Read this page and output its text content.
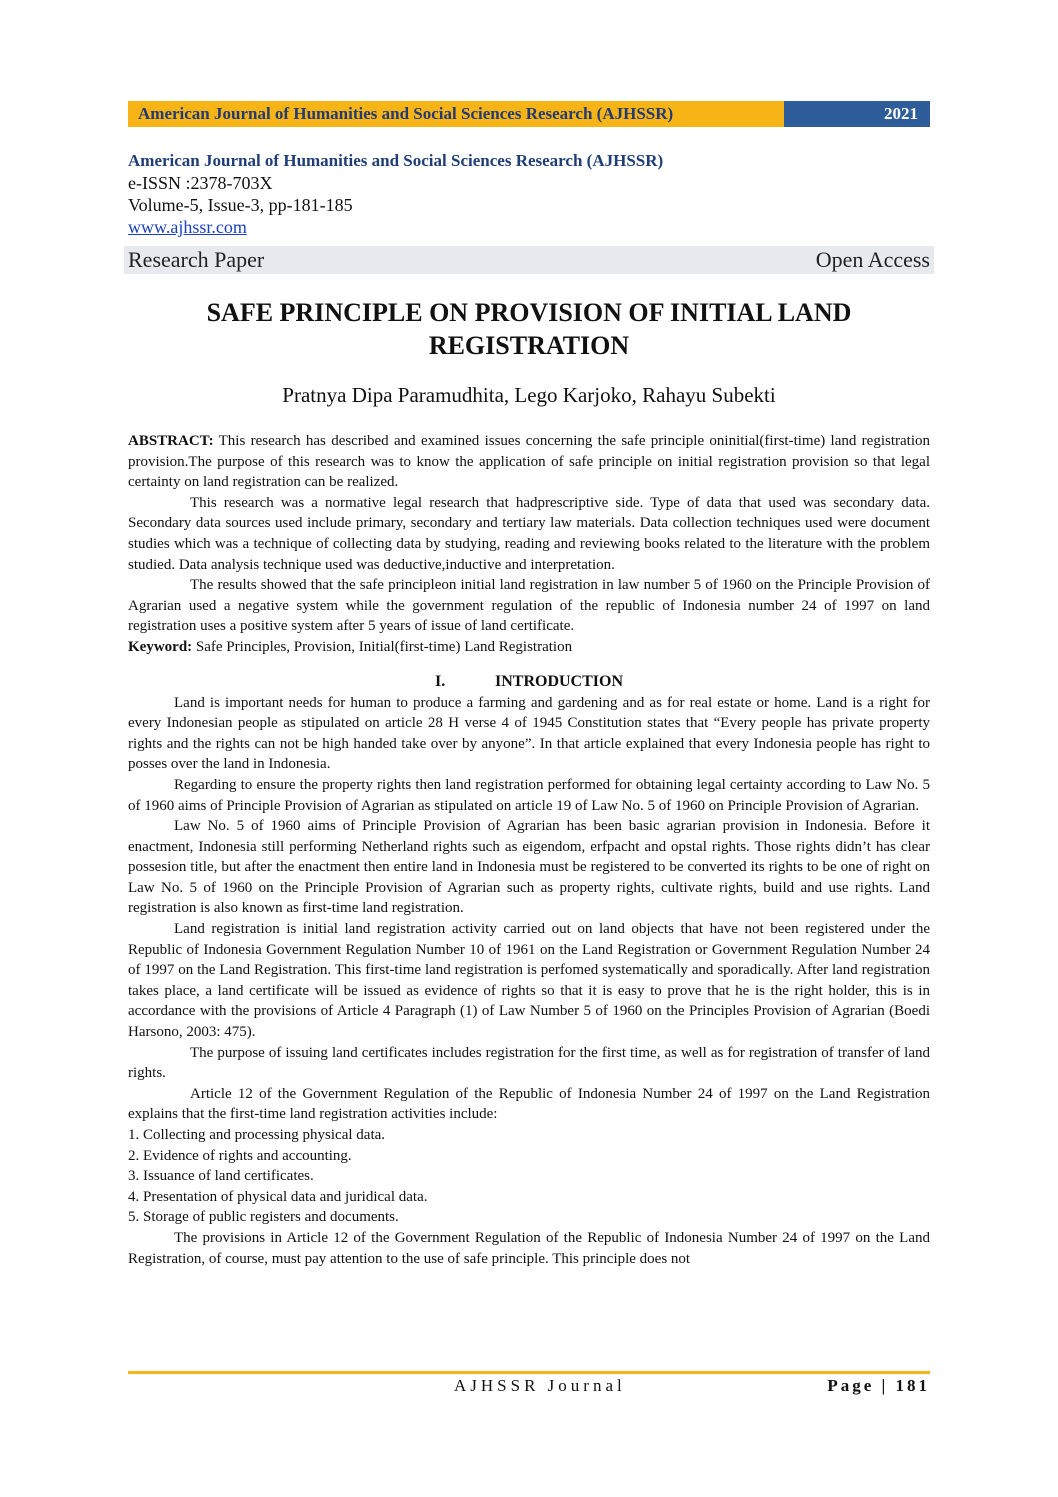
American Journal of Humanities and Social Sciences Research (AJHSSR)	2021
American Journal of Humanities and Social Sciences Research (AJHSSR)
e-ISSN :2378-703X
Volume-5, Issue-3, pp-181-185
www.ajhssr.com
Research Paper	Open Access
SAFE PRINCIPLE ON PROVISION OF INITIAL LAND REGISTRATION
Pratnya Dipa Paramudhita, Lego Karjoko, Rahayu Subekti

ABSTRACT: This research has described and examined issues concerning the safe principle oninitial(first-time) land registration provision.The purpose of this research was to know the application of safe principle on initial registration provision so that legal certainty on land registration can be realized.

This research was a normative legal research that hadprescriptive side. Type of data that used was secondary data. Secondary data sources used include primary, secondary and tertiary law materials. Data collection techniques used were document studies which was a technique of collecting data by studying, reading and reviewing books related to the literature with the problem studied. Data analysis technique used was deductive,inductive and interpretation.

The results showed that the safe principleon initial land registration in law number 5 of 1960 on the Principle Provision of Agrarian used a negative system while the government regulation of the republic of Indonesia number 24 of 1997 on land registration uses a positive system after 5 years of issue of land certificate.

Keyword: Safe Principles, Provision, Initial(first-time) Land Registration

I.	INTRODUCTION

Land is important needs for human to produce a farming and gardening and as for real estate or home. Land is a right for every Indonesian people as stipulated on article 28 H verse 4 of 1945 Constitution states that “Every people has private property rights and the rights can not be high handed take over by anyone”. In that article explained that every Indonesia people has right to posses over the land in Indonesia.

Regarding to ensure the property rights then land registration performed for obtaining legal certainty according to Law No. 5 of 1960 aims of Principle Provision of Agrarian as stipulated on article 19 of Law No. 5 of 1960 on Principle Provision of Agrarian.

Law No. 5 of 1960 aims of Principle Provision of Agrarian has been basic agrarian provision in Indonesia. Before it enactment, Indonesia still performing Netherland rights such as eigendom, erfpacht and opstal rights. Those rights didn’t has clear possesion title, but after the enactment then entire land in Indonesia must be registered to be converted its rights to be one of right on Law No. 5 of 1960 on the Principle Provision of Agrarian such as property rights, cultivate rights, build and use rights. Land registration is also known as first-time land registration.

Land registration is initial land registration activity carried out on land objects that have not been registered under the Republic of Indonesia Government Regulation Number 10 of 1961 on the Land Registration or Government Regulation Number 24 of 1997 on the Land Registration. This first-time land registration is perfomed systematically and sporadically. After land registration takes place, a land certificate will be issued as evidence of rights so that it is easy to prove that he is the right holder, this is in accordance with the provisions of Article 4 Paragraph (1) of Law Number 5 of 1960 on the Principles Provision of Agrarian (Boedi Harsono, 2003: 475).

The purpose of issuing land certificates includes registration for the first time, as well as for registration of transfer of land rights.

Article 12 of the Government Regulation of the Republic of Indonesia Number 24 of 1997 on the Land Registration explains that the first-time land registration activities include:

1. Collecting and processing physical data.

2. Evidence of rights and accounting.

3. Issuance of land certificates.

4. Presentation of physical data and juridical data.

5. Storage of public registers and documents.

The provisions in Article 12 of the Government Regulation of the Republic of Indonesia Number 24 of 1997 on the Land Registration, of course, must pay attention to the use of safe principle. This principle does not

AJHSSR Journal	Page | 181
